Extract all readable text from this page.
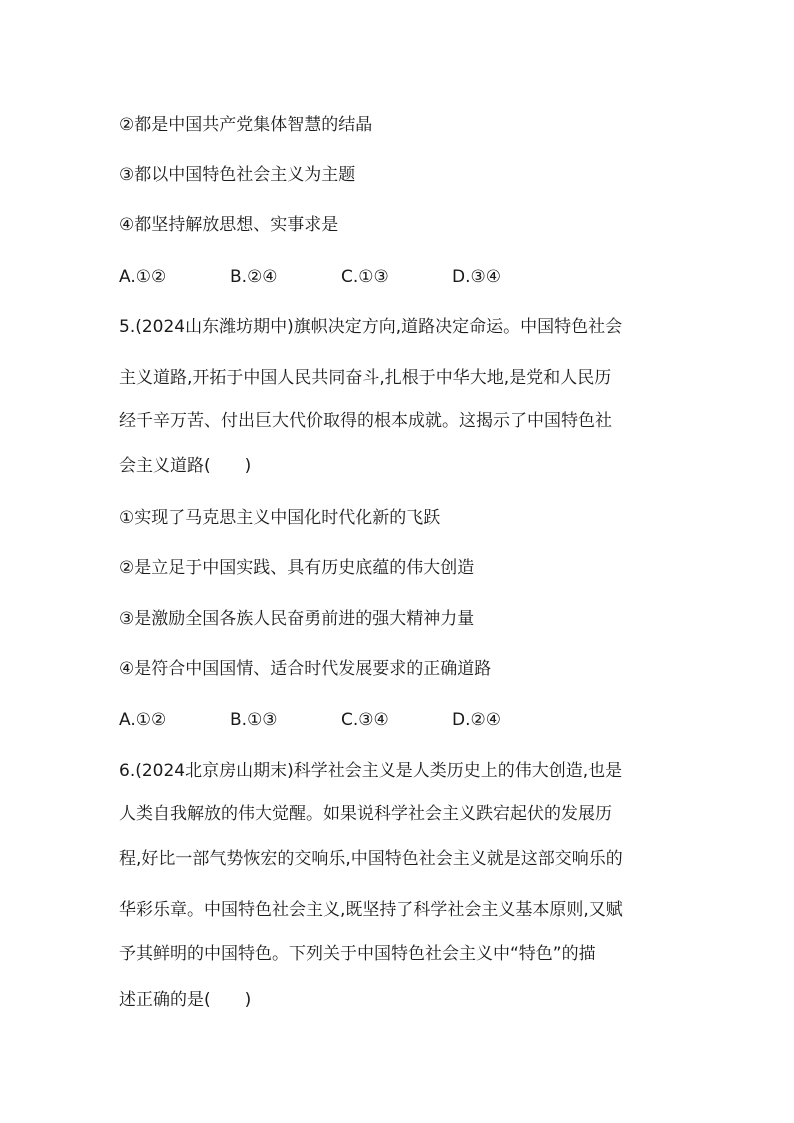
②都是中国共产党集体智慧的结晶
③都以中国特色社会主义为主题
④都坚持解放思想、实事求是
A.①②	B.②④	C.①③	D.③④
5.(2024山东潍坊期中)旗帜决定方向,道路决定命运。中国特色社会
主义道路,开拓于中国人民共同奋斗,扎根于中华大地,是党和人民历
经千辛万苦、付出巨大代价取得的根本成就。这揭示了中国特色社
会主义道路(　　)
①实现了马克思主义中国化时代化新的飞跃
②是立足于中国实践、具有历史底蕴的伟大创造
③是激励全国各族人民奋勇前进的强大精神力量
④是符合中国国情、适合时代发展要求的正确道路
A.①②	B.①③	C.③④	D.②④
6.(2024北京房山期末)科学社会主义是人类历史上的伟大创造,也是
人类自我解放的伟大觉醒。如果说科学社会主义跌宕起伏的发展历
程,好比一部气势恢宏的交响乐,中国特色社会主义就是这部交响乐的
华彩乐章。中国特色社会主义,既坚持了科学社会主义基本原则,又赋
予其鲜明的中国特色。下列关于中国特色社会主义中“特色”的描
述正确的是(　　)
